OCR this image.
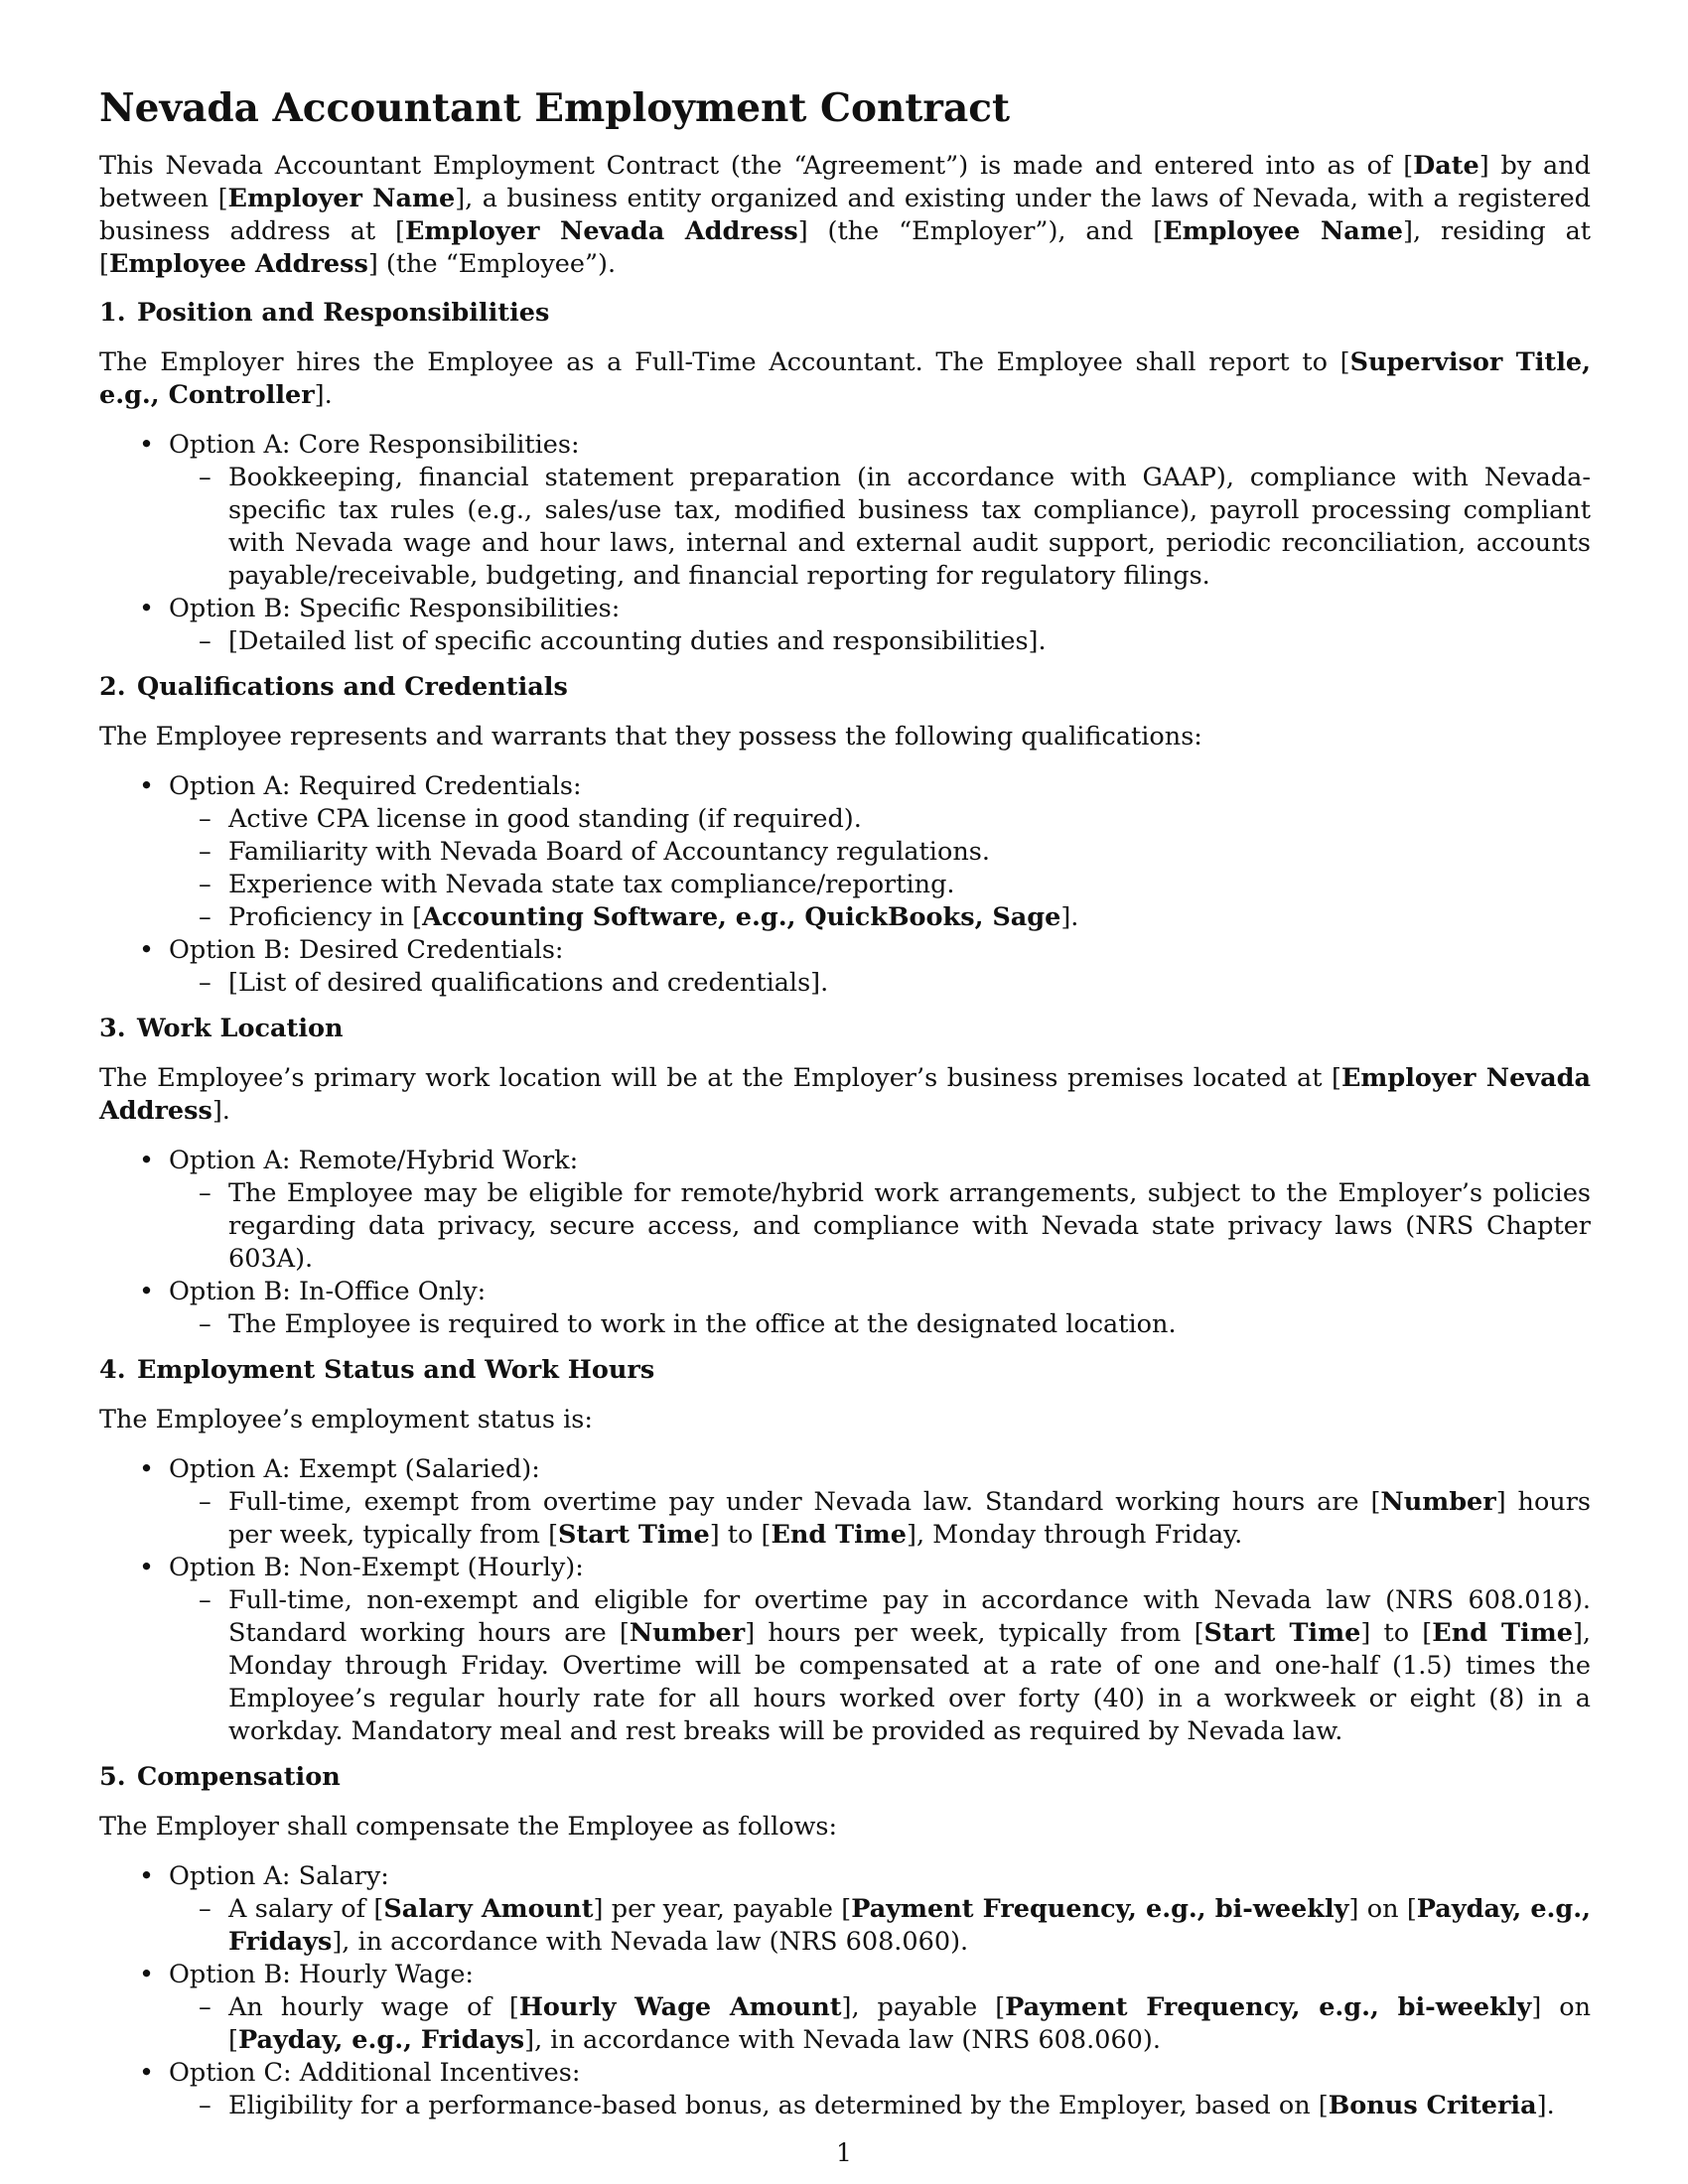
Nevada Accountant Employment Contract

This Nevada Accountant Employment Contract (the “Agreement”) is made and entered into as of [Date] by and between [Employer Name], a business entity organized and existing under the laws of Nevada, with a registered business address at [Employer Nevada Address] (the “Employer”), and [Employee Name], residing at [Employee Address] (the “Employee”).

1. Position and Responsibilities

The Employer hires the Employee as a Full-Time Accountant. The Employee shall report to [Supervisor Title, e.g., Controller].

• Option A: Core Responsibilities:
– Bookkeeping, financial statement preparation (in accordance with GAAP), compliance with Nevada-specific tax rules (e.g., sales/use tax, modified business tax compliance), payroll processing compliant with Nevada wage and hour laws, internal and external audit support, periodic reconciliation, accounts payable/receivable, budgeting, and financial reporting for regulatory filings.
• Option B: Specific Responsibilities:
– [Detailed list of specific accounting duties and responsibilities].
2. Qualifications and Credentials

The Employee represents and warrants that they possess the following qualifications:

• Option A: Required Credentials:
– Active CPA license in good standing (if required).
– Familiarity with Nevada Board of Accountancy regulations.
– Experience with Nevada state tax compliance/reporting.
– Proficiency in [Accounting Software, e.g., QuickBooks, Sage].
• Option B: Desired Credentials:
– [List of desired qualifications and credentials].
3. Work Location

The Employee’s primary work location will be at the Employer’s business premises located at [Employer Nevada Address].

• Option A: Remote/Hybrid Work:
– The Employee may be eligible for remote/hybrid work arrangements, subject to the Employer’s policies regarding data privacy, secure access, and compliance with Nevada state privacy laws (NRS Chapter 603A).
• Option B: In-Office Only:
– The Employee is required to work in the office at the designated location.
4. Employment Status and Work Hours

The Employee’s employment status is:

• Option A: Exempt (Salaried):
– Full-time, exempt from overtime pay under Nevada law. Standard working hours are [Number] hours per week, typically from [Start Time] to [End Time], Monday through Friday.
• Option B: Non-Exempt (Hourly):
– Full-time, non-exempt and eligible for overtime pay in accordance with Nevada law (NRS 608.018). Standard working hours are [Number] hours per week, typically from [Start Time] to [End Time], Monday through Friday. Overtime will be compensated at a rate of one and one-half (1.5) times the Employee’s regular hourly rate for all hours worked over forty (40) in a workweek or eight (8) in a workday. Mandatory meal and rest breaks will be provided as required by Nevada law.
5. Compensation

The Employer shall compensate the Employee as follows:

• Option A: Salary:
– A salary of [Salary Amount] per year, payable [Payment Frequency, e.g., bi-weekly] on [Payday, e.g., Fridays], in accordance with Nevada law (NRS 608.060).
• Option B: Hourly Wage:
– An hourly wage of [Hourly Wage Amount], payable [Payment Frequency, e.g., bi-weekly] on [Payday, e.g., Fridays], in accordance with Nevada law (NRS 608.060).
• Option C: Additional Incentives:
– Eligibility for a performance-based bonus, as determined by the Employer, based on [Bonus Criteria].
1
